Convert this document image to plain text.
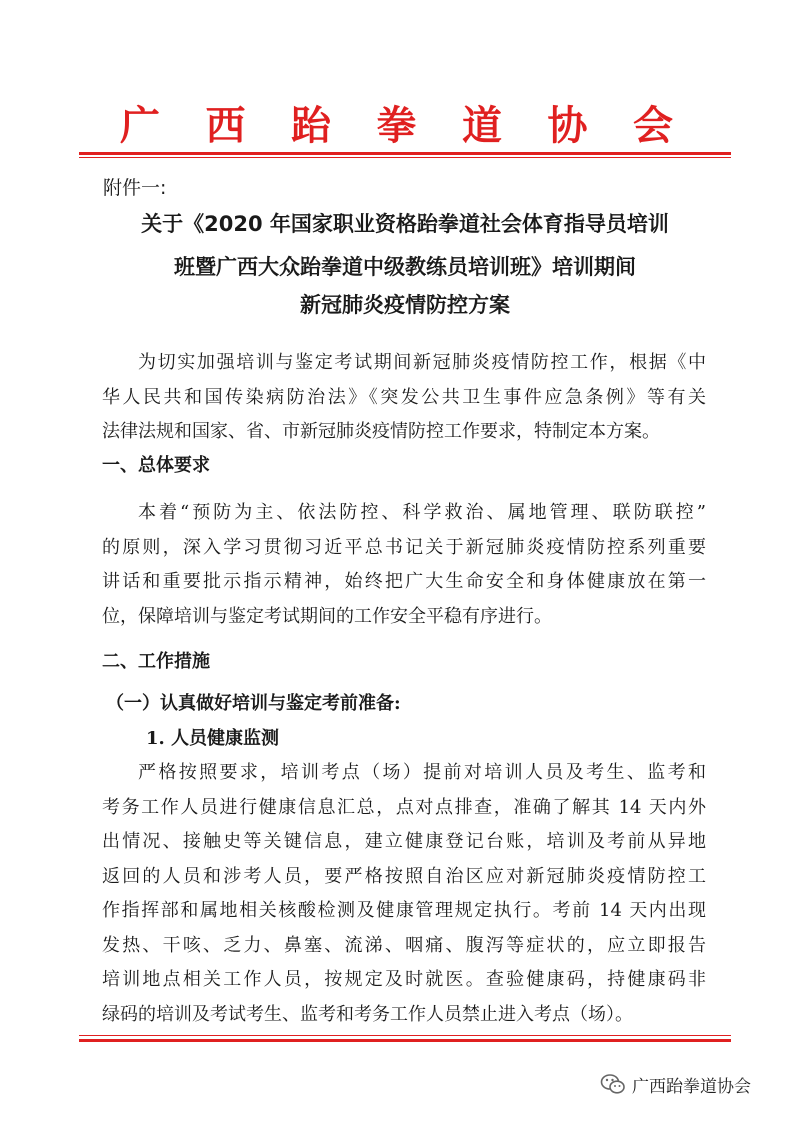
广 西 跆 拳 道 协 会
附件一:
关于《2020 年国家职业资格跆拳道社会体育指导员培训
班暨广西大众跆拳道中级教练员培训班》培训期间
新冠肺炎疫情防控方案
为切实加强培训与鉴定考试期间新冠肺炎疫情防控工作，根据《中
华人民共和国传染病防治法》《突发公共卫生事件应急条例》等有关
法律法规和国家、省、市新冠肺炎疫情防控工作要求，特制定本方案。
一、总体要求
本着“预防为主、依法防控、科学救治、属地管理、联防联控”
的原则，深入学习贯彻习近平总书记关于新冠肺炎疫情防控系列重要
讲话和重要批示指示精神，始终把广大生命安全和身体健康放在第一
位，保障培训与鉴定考试期间的工作安全平稳有序进行。
二、工作措施
（一）认真做好培训与鉴定考前准备:
1. 人员健康监测
严格按照要求，培训考点（场）提前对培训人员及考生、监考和
考务工作人员进行健康信息汇总，点对点排查，准确了解其 14 天内外
出情况、接触史等关键信息，建立健康登记台账，培训及考前从异地
返回的人员和涉考人员，要严格按照自治区应对新冠肺炎疫情防控工
作指挥部和属地相关核酸检测及健康管理规定执行。考前 14 天内出现
发热、干咳、乏力、鼻塞、流涕、咽痛、腹泻等症状的，应立即报告
培训地点相关工作人员，按规定及时就医。查验健康码，持健康码非
绿码的培训及考试考生、监考和考务工作人员禁止进入考点（场）。
广西跆拳道协会
